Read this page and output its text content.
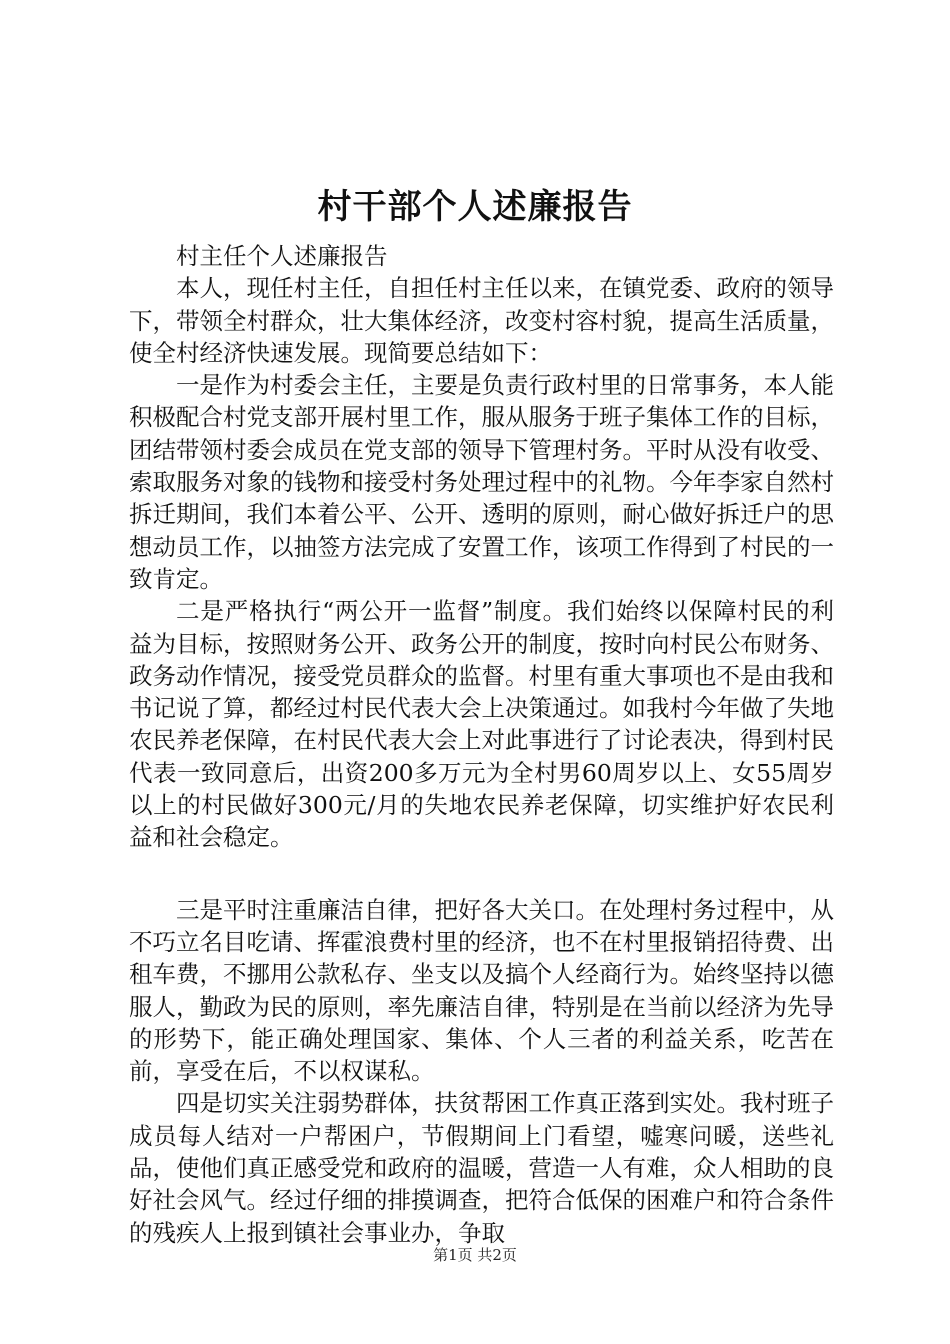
村干部个人述廉报告

村主任个人述廉报告

本人，现任村主任，自担任村主任以来，在镇党委、政府的领导下，带领全村群众，壮大集体经济，改变村容村貌，提高生活质量，使全村经济快速发展。现简要总结如下：

一是作为村委会主任，主要是负责行政村里的日常事务，本人能积极配合村党支部开展村里工作，服从服务于班子集体工作的目标，团结带领村委会成员在党支部的领导下管理村务。平时从没有收受、索取服务对象的钱物和接受村务处理过程中的礼物。今年李家自然村拆迁期间，我们本着公平、公开、透明的原则，耐心做好拆迁户的思想动员工作，以抽签方法完成了安置工作，该项工作得到了村民的一致肯定。

二是严格执行“两公开一监督”制度。我们始终以保障村民的利益为目标，按照财务公开、政务公开的制度，按时向村民公布财务、政务动作情况，接受党员群众的监督。村里有重大事项也不是由我和书记说了算，都经过村民代表大会上决策通过。如我村今年做了失地农民养老保障，在村民代表大会上对此事进行了讨论表决，得到村民代表一致同意后，出资200多万元为全村男60周岁以上、女55周岁以上的村民做好300元/月的失地农民养老保障，切实维护好农民利益和社会稳定。

三是平时注重廉洁自律，把好各大关口。在处理村务过程中，从不巧立名目吃请、挥霍浪费村里的经济，也不在村里报销招待费、出租车费，不挪用公款私存、坐支以及搞个人经商行为。始终坚持以德服人，勤政为民的原则，率先廉洁自律，特别是在当前以经济为先导的形势下，能正确处理国家、集体、个人三者的利益关系，吃苦在前，享受在后，不以权谋私。

四是切实关注弱势群体，扶贫帮困工作真正落到实处。我村班子成员每人结对一户帮困户，节假期间上门看望，嘘寒问暖，送些礼品，使他们真正感受党和政府的温暖，营造一人有难，众人相助的良好社会风气。经过仔细的排摸调查，把符合低保的困难户和符合条件的残疾人上报到镇社会事业办，争取

第1页 共2页
